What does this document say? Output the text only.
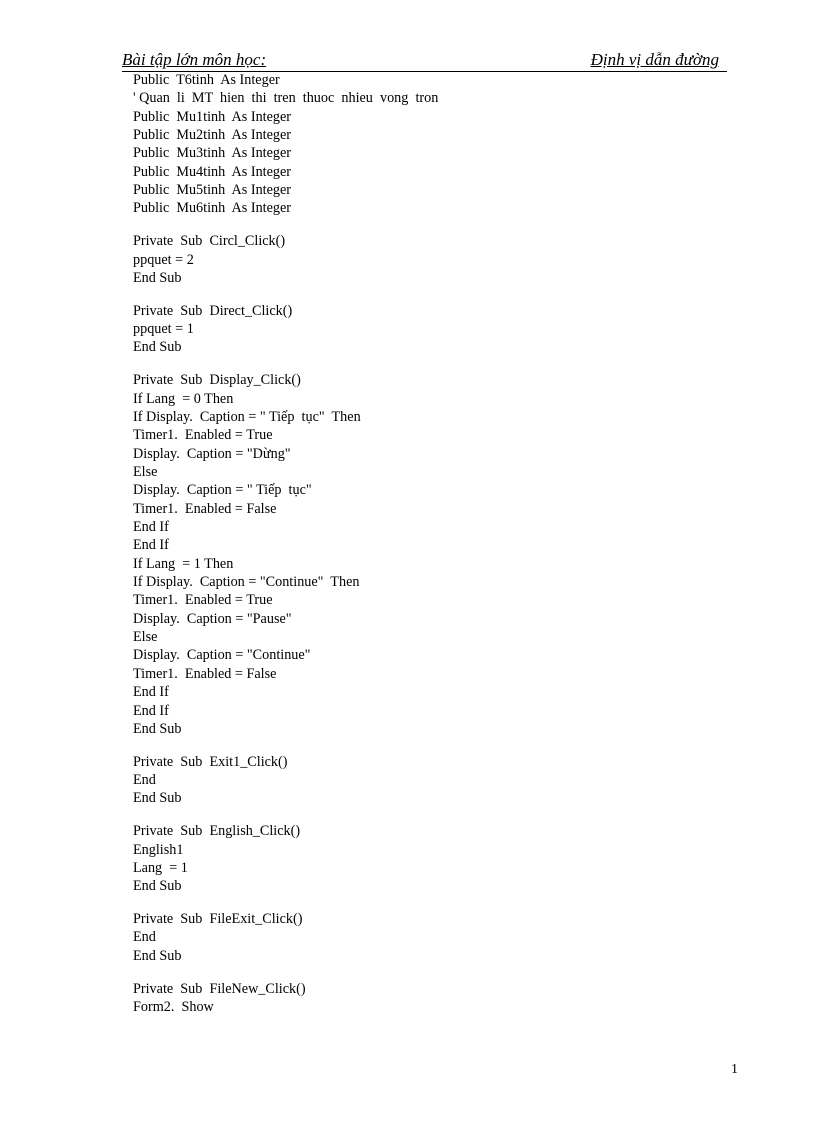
Bài tập lớn môn học:	Định vị dẫn đường
Public  T6tinh  As Integer
' Quan  li  MT  hien  thi  tren  thuoc  nhieu  vong  tron
Public  Mu1tinh  As Integer
Public  Mu2tinh  As Integer
Public  Mu3tinh  As Integer
Public  Mu4tinh  As Integer
Public  Mu5tinh  As Integer
Public  Mu6tinh  As Integer
Private  Sub  Circl_Click()
ppquet = 2
End Sub
Private  Sub  Direct_Click()
ppquet = 1
End Sub
Private  Sub  Display_Click()
If Lang  = 0 Then
If Display.  Caption = " Tiếp  tục"  Then
Timer1.  Enabled = True
Display.  Caption = "Dừng"
Else
Display.  Caption = " Tiếp  tục"
Timer1.  Enabled = False
End If
End If
If Lang  = 1 Then
If Display.  Caption = "Continue"  Then
Timer1.  Enabled = True
Display.  Caption = "Pause"
Else
Display.  Caption = "Continue"
Timer1.  Enabled = False
End If
End If
End Sub
Private  Sub  Exit1_Click()
End
End Sub
Private  Sub  English_Click()
English1
Lang  = 1
End Sub
Private  Sub  FileExit_Click()
End
End Sub
Private  Sub  FileNew_Click()
Form2.  Show
1
